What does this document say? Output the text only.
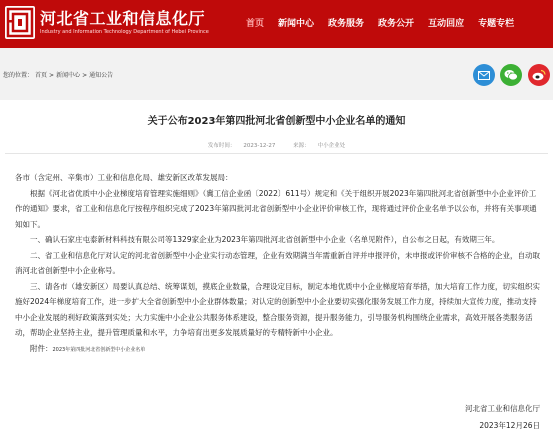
河北省工业和信息化厅
Industry and Information Technology Department of Hebei Province
首页 新闻中心 政务服务 政务公开 互动回应 专题专栏
您的位置： 首页 > 新闻中心 > 通知公告
关于公布2023年第四批河北省创新型中小企业名单的通知
发布时间： 2023-12-27	来源： 中小企业处

各市（含定州、辛集市）工业和信息化局、雄安新区改革发展局：

根据《河北省优质中小企业梯度培育管理实施细则》（冀工信企业函〔2022〕611号）规定和《关于组织开展2023年第四批河北省创新型中小企业评价工作的通知》要求，省工业和信息化厅按程序组织完成了2023年第四批河北省创新型中小企业评价审核工作，现将通过评价企业名单予以公布，并将有关事项通知如下。

一、确认石家庄屯泰新材料科技有限公司等1329家企业为2023年第四批河北省创新型中小企业（名单见附件），自公布之日起，有效期三年。

二、省工业和信息化厅对认定的河北省创新型中小企业实行动态管理，企业有效期满当年需重新自评并申报评价，未申报或评价审核不合格的企业，自动取消河北省创新型中小企业称号。

三、请各市（雄安新区）局要认真总结、统筹谋划，摸底企业数量，合理设定目标，制定本地优质中小企业梯度培育举措，加大培育工作力度，切实组织实施好2024年梯度培育工作，进一步扩大全省创新型中小企业群体数量；对认定的创新型中小企业要切实强化服务发展工作力度，持续加大宣传力度，推动支持中小企业发展的利好政策落到实处；大力实施中小企业公共服务体系建设，整合服务资源，提升服务能力，引导服务机构围绕企业需求，高效开展各类服务活动，帮助企业坚持主业，提升管理质量和水平，力争培育出更多发展质量好的专精特新中小企业。

附件：2023年第四批河北省创新型中小企业名单

河北省工业和信息化厅
2023年12月26日
